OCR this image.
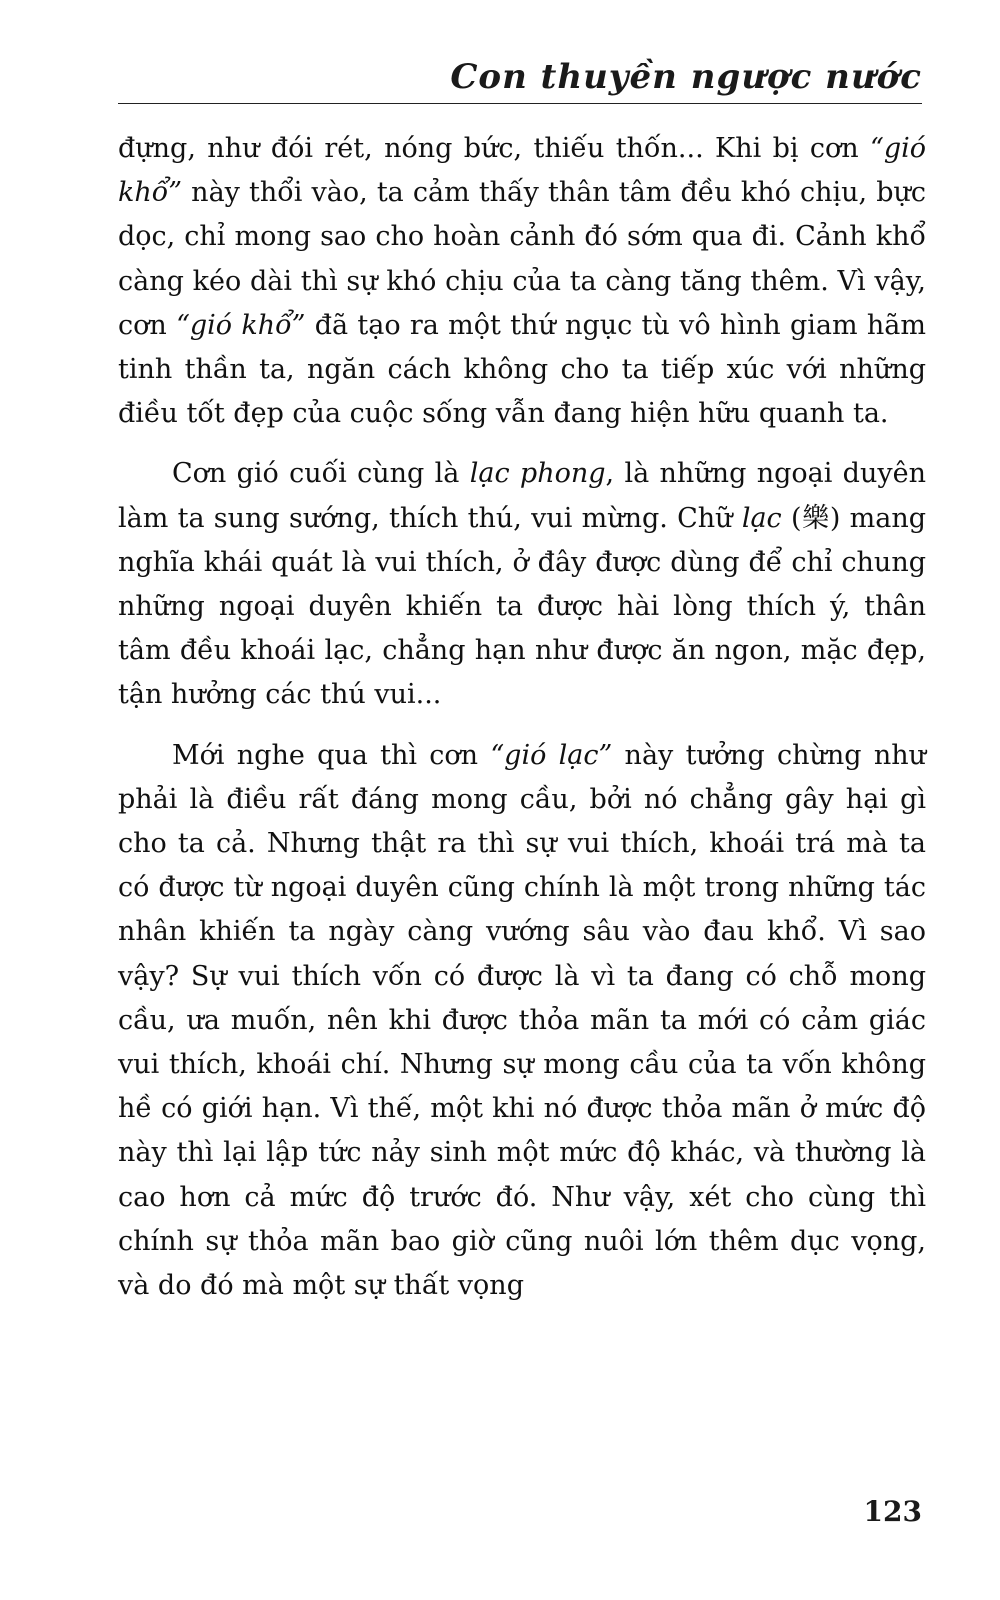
Con thuyền ngược nước

đựng, như đói rét, nóng bức, thiếu thốn... Khi bị cơn “gió khổ” này thổi vào, ta cảm thấy thân tâm đều khó chịu, bực dọc, chỉ mong sao cho hoàn cảnh đó sớm qua đi. Cảnh khổ càng kéo dài thì sự khó chịu của ta càng tăng thêm. Vì vậy, cơn “gió khổ” đã tạo ra một thứ ngục tù vô hình giam hãm tinh thần ta, ngăn cách không cho ta tiếp xúc với những điều tốt đẹp của cuộc sống vẫn đang hiện hữu quanh ta.

Cơn gió cuối cùng là lạc phong, là những ngoại duyên làm ta sung sướng, thích thú, vui mừng. Chữ lạc (樂) mang nghĩa khái quát là vui thích, ở đây được dùng để chỉ chung những ngoại duyên khiến ta được hài lòng thích ý, thân tâm đều khoái lạc, chẳng hạn như được ăn ngon, mặc đẹp, tận hưởng các thú vui...

Mới nghe qua thì cơn “gió lạc” này tưởng chừng như phải là điều rất đáng mong cầu, bởi nó chẳng gây hại gì cho ta cả. Nhưng thật ra thì sự vui thích, khoái trá mà ta có được từ ngoại duyên cũng chính là một trong những tác nhân khiến ta ngày càng vướng sâu vào đau khổ. Vì sao vậy? Sự vui thích vốn có được là vì ta đang có chỗ mong cầu, ưa muốn, nên khi được thỏa mãn ta mới có cảm giác vui thích, khoái chí. Nhưng sự mong cầu của ta vốn không hề có giới hạn. Vì thế, một khi nó được thỏa mãn ở mức độ này thì lại lập tức nảy sinh một mức độ khác, và thường là cao hơn cả mức độ trước đó. Như vậy, xét cho cùng thì chính sự thỏa mãn bao giờ cũng nuôi lớn thêm dục vọng, và do đó mà một sự thất vọng

123
